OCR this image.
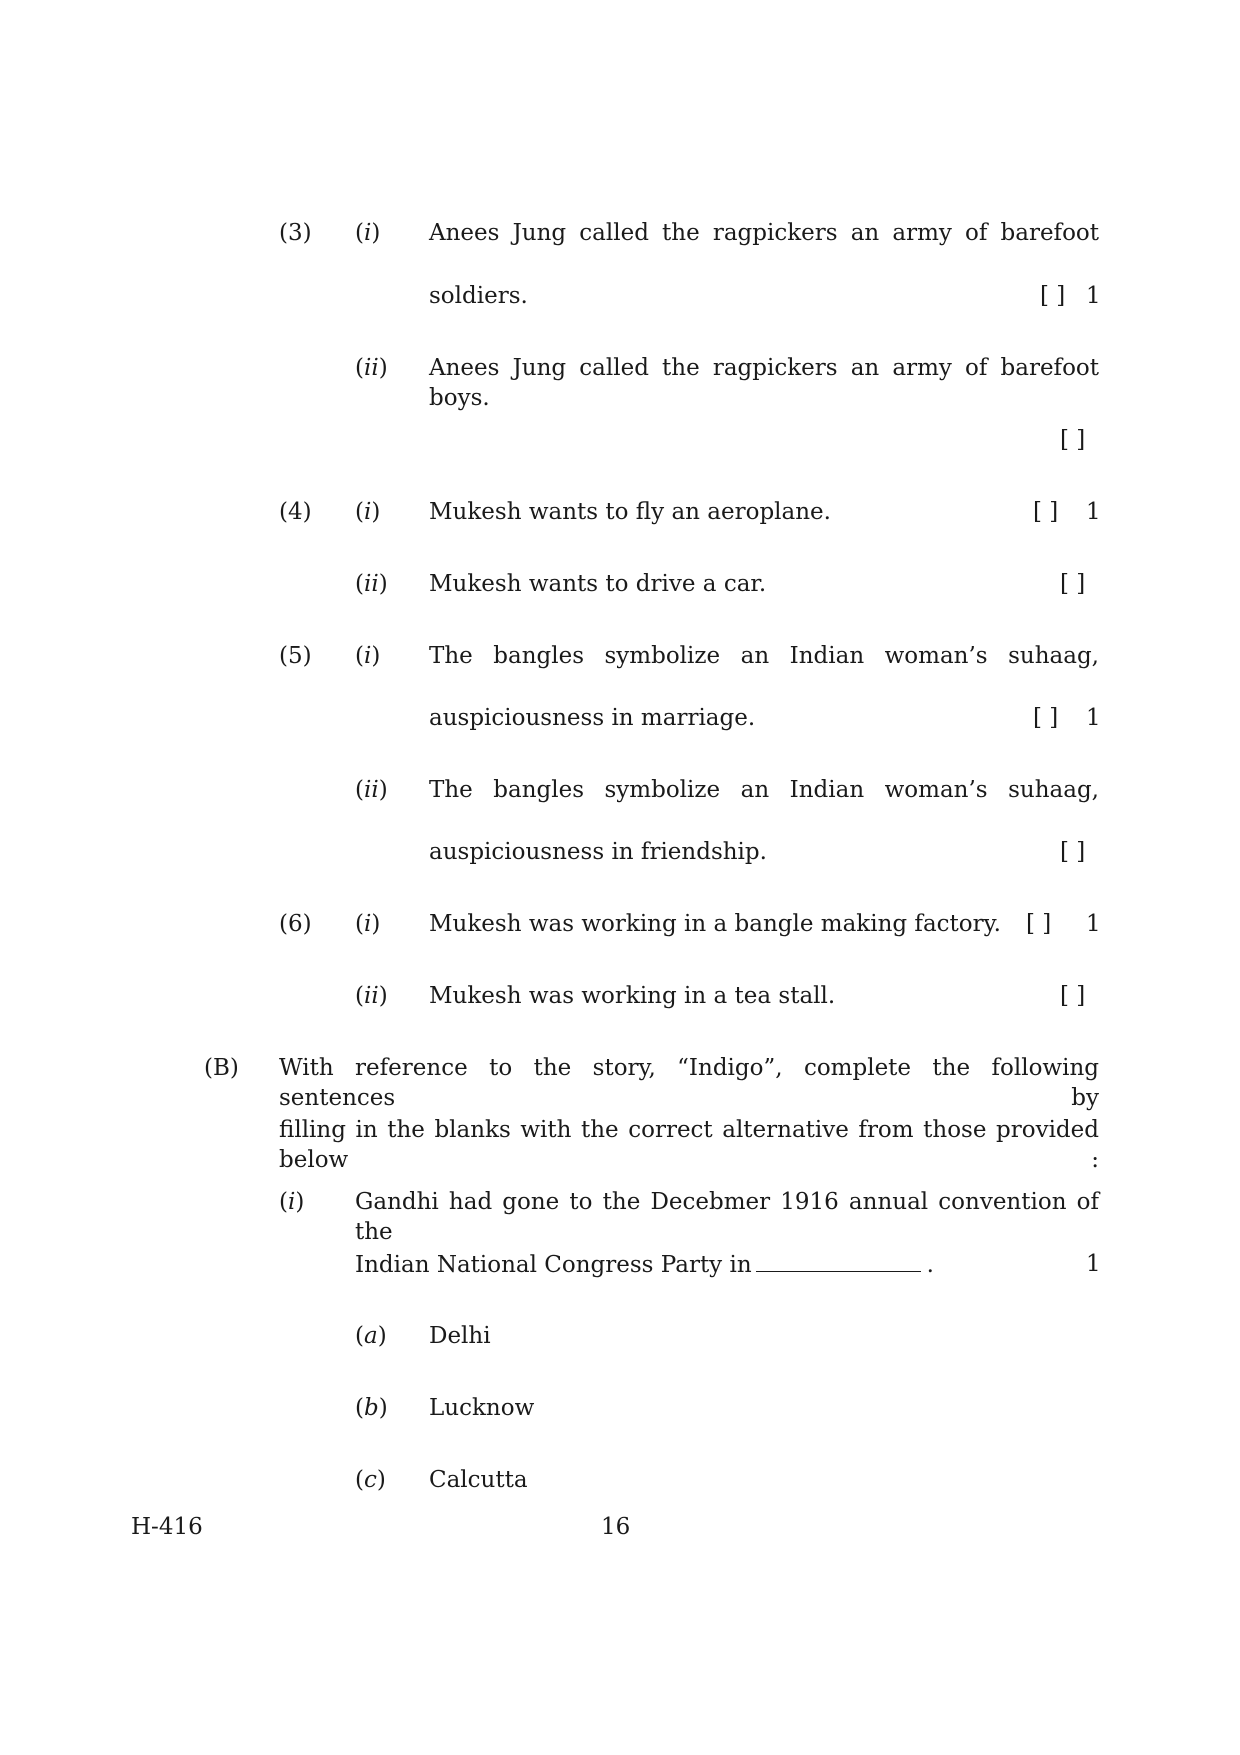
(3) (i) Anees Jung called the ragpickers an army of barefoot
soldiers.	[ ] 1
(ii) Anees Jung called the ragpickers an army of barefoot boys.
[ ]
(4) (i) Mukesh wants to fly an aeroplane.	[ ] 1
(ii) Mukesh wants to drive a car.	[ ]
(5) (i) The bangles symbolize an Indian woman’s suhaag,
auspiciousness in marriage.	[ ] 1
(ii) The bangles symbolize an Indian woman’s suhaag,
auspiciousness in friendship.	[ ]
(6) (i) Mukesh was working in a bangle making factory. [ ] 1
(ii) Mukesh was working in a tea stall.	[ ]
(B) With reference to the story, “Indigo”, complete the following sentences by
filling in the blanks with the correct alternative from those provided below :
(i) Gandhi had gone to the Decebmer 1916 annual convention of the
Indian National Congress Party in	.	1
(a) Delhi
(b) Lucknow
(c) Calcutta
H-416	16
